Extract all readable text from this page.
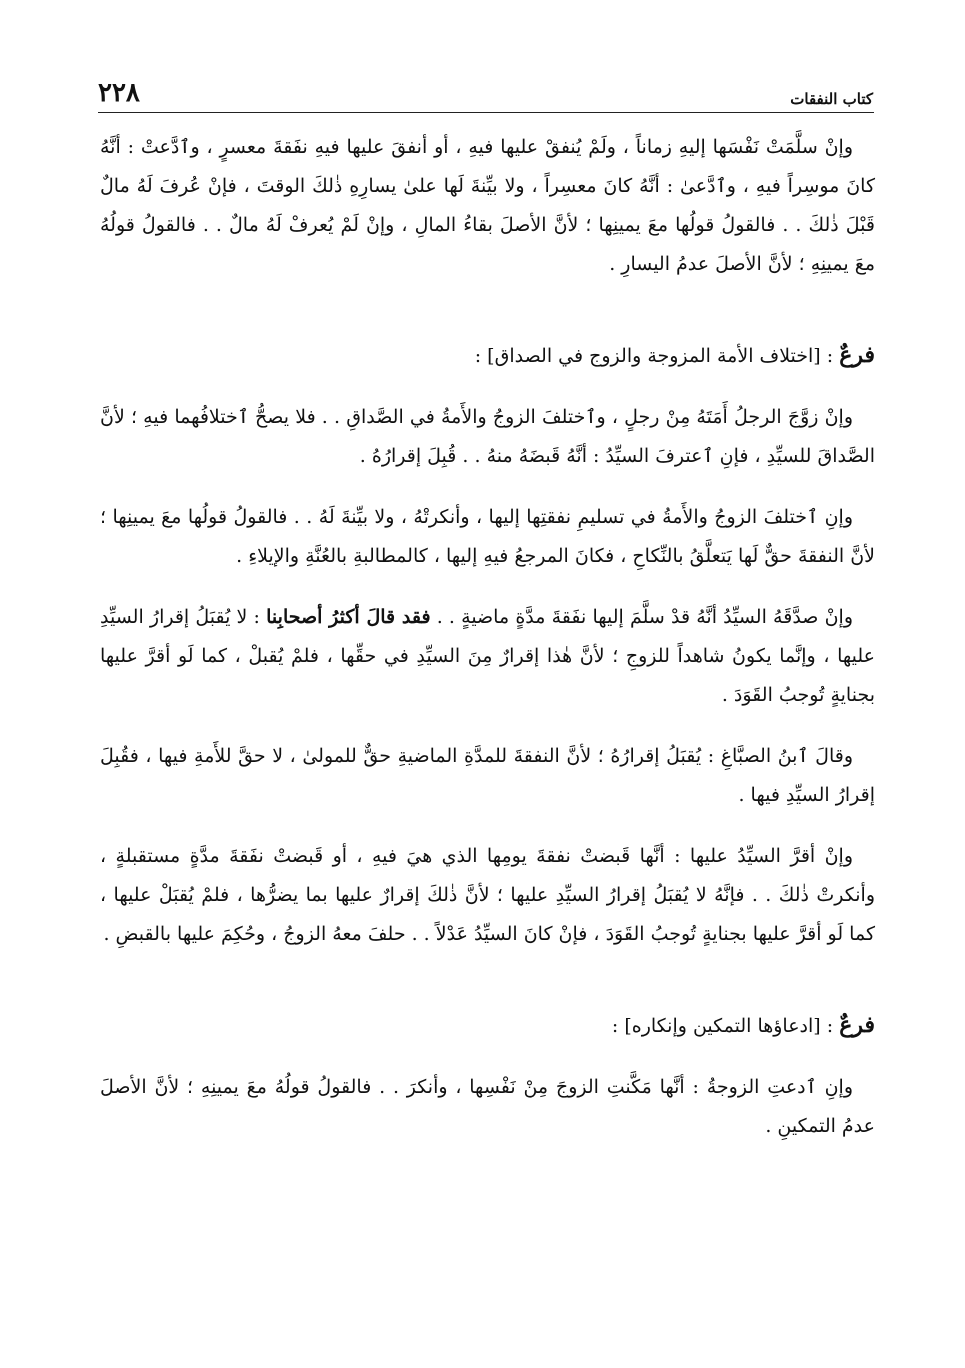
٢٢٨	كتاب النفقات

وإنْ سلَّمَتْ نَفْسَها إليهِ زماناً ، ولَمْ يُنفقْ عليها فيهِ ، أو أنفقَ عليها فيهِ نفَقةَ معسرٍ ، وٱدَّعتْ : أنَّهُ كانَ موسِراً فيهِ ، وٱدَّعىٰ : أنَّهُ كانَ معسِراً ، ولا بيِّنةَ لَها علىٰ يسارِهِ ذٰلكَ الوقتَ ، فإنْ عُرفَ لَهُ مالٌ قَبْلَ ذٰلكَ . . فالقولُ قولُها معَ يمينِها ؛ لأنَّ الأصلَ بقاءُ المالِ ، وإنْ لَمْ يُعرفْ لَهُ مالٌ . . فالقولُ قولُهُ معَ يمينِهِ ؛ لأنَّ الأصلَ عدمُ اليسارِ .

فرعٌ : [اختلاف الأمة المزوجة والزوج في الصداق] :

وإنْ زوَّجَ الرجلُ أَمَتَهُ مِنْ رجلٍ ، وٱختلفَ الزوجُ والأَمةُ في الصَّداقِ . . فلا يصحُّ ٱختلافُهما فيهِ ؛ لأنَّ الصَّداقَ للسيِّدِ ، فإنِ ٱعترفَ السيِّدُ : أنَّهُ قَبضَهُ منهُ . . قُبِلَ إقرارُهُ .

وإنِ ٱختلفَ الزوجُ والأَمةُ في تسليمِ نفقتِها إليها ، وأنكرتْهُ ، ولا بيِّنةَ لَهُ . . فالقولُ قولُها معَ يمينِها ؛ لأنَّ النفقةَ حقٌّ لَها يَتعلَّقُ بالنِّكاحِ ، فكانَ المرجعُ فيهِ إليها ، كالمطالبةِ بالعُنَّةِ والإيلاءِ .

وإنْ صدَّقَهُ السيِّدُ أنَّهُ قدْ سلَّمَ إليها نفَقةَ مدَّةٍ ماضيةٍ . . فقد قالَ أكثرُ أصحابِنا : لا يُقبَلُ إقرارُ السيِّدِ عليها ، وإنَّما يكونُ شاهداً للزوجِ ؛ لأنَّ هٰذا إقرارٌ مِنَ السيِّدِ في حقِّها ، فلمْ يُقبلْ ، كما لَو أقرَّ عليها بجنايةٍ تُوجبُ القَوَدَ .

وقالَ ٱبنُ الصبَّاغِ : يُقبَلُ إقرارُهُ ؛ لأنَّ النفقةَ للمدَّةِ الماضيةِ حقٌّ للمولىٰ ، لا حقَّ للأَمةِ فيها ، فقُبِلَ إقرارُ السيِّدِ فيها .

وإنْ أقرَّ السيِّدُ عليها : أنَّها قَبضتْ نفقةَ يومِها الذي هيَ فيهِ ، أو قَبضتْ نفَقةَ مدَّةٍ مستقبلةٍ ، وأنكرتْ ذٰلكَ . . فإنَّهُ لا يُقبَلُ إقرارُ السيِّدِ عليها ؛ لأنَّ ذٰلكَ إقرارٌ عليها بما يضرُّها ، فلمْ يُقبَلْ عليها ، كما لَو أقرَّ عليها بجنايةٍ تُوجبُ القَوَدَ ، فإنْ كانَ السيِّدُ عَدْلاً . . حلفَ معهُ الزوجُ ، وحُكِمَ عليها بالقبضِ .

فرعٌ : [ادعاؤها التمكين وإنكاره] :

وإنِ ٱدعتِ الزوجةُ : أنَّها مَكَّنتِ الزوجَ مِنْ نَفْسِها ، وأنكرَ . . فالقولُ قولُهُ معَ يمينِهِ ؛ لأنَّ الأصلَ عدمُ التمكينِ .
